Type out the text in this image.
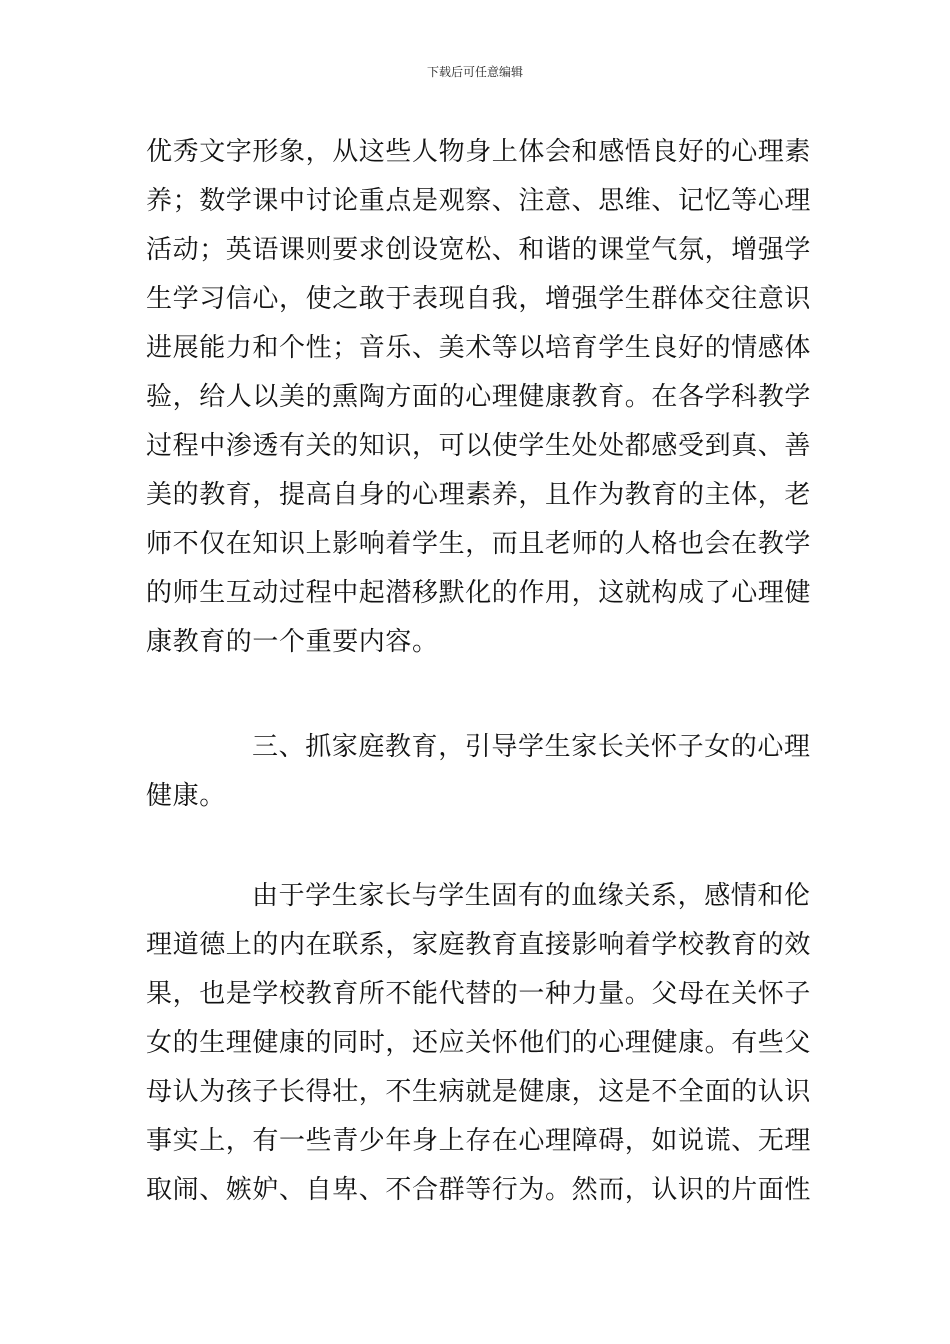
下载后可任意编辑
优秀文字形象，从这些人物身上体会和感悟良好的心理素
养；数学课中讨论重点是观察、注意、思维、记忆等心理
活动；英语课则要求创设宽松、和谐的课堂气氛，增强学
生学习信心，使之敢于表现自我，增强学生群体交往意识
进展能力和个性；音乐、美术等以培育学生良好的情感体
验，给人以美的熏陶方面的心理健康教育。在各学科教学
过程中渗透有关的知识，可以使学生处处都感受到真、善
美的教育，提高自身的心理素养，且作为教育的主体，老
师不仅在知识上影响着学生，而且老师的人格也会在教学
的师生互动过程中起潜移默化的作用，这就构成了心理健
康教育的一个重要内容。
三、抓家庭教育，引导学生家长关怀子女的心理
健康。
由于学生家长与学生固有的血缘关系，感情和伦
理道德上的内在联系，家庭教育直接影响着学校教育的效
果，也是学校教育所不能代替的一种力量。父母在关怀子
女的生理健康的同时，还应关怀他们的心理健康。有些父
母认为孩子长得壮，不生病就是健康，这是不全面的认识
事实上，有一些青少年身上存在心理障碍，如说谎、无理
取闹、嫉妒、自卑、不合群等行为。然而，认识的片面性
